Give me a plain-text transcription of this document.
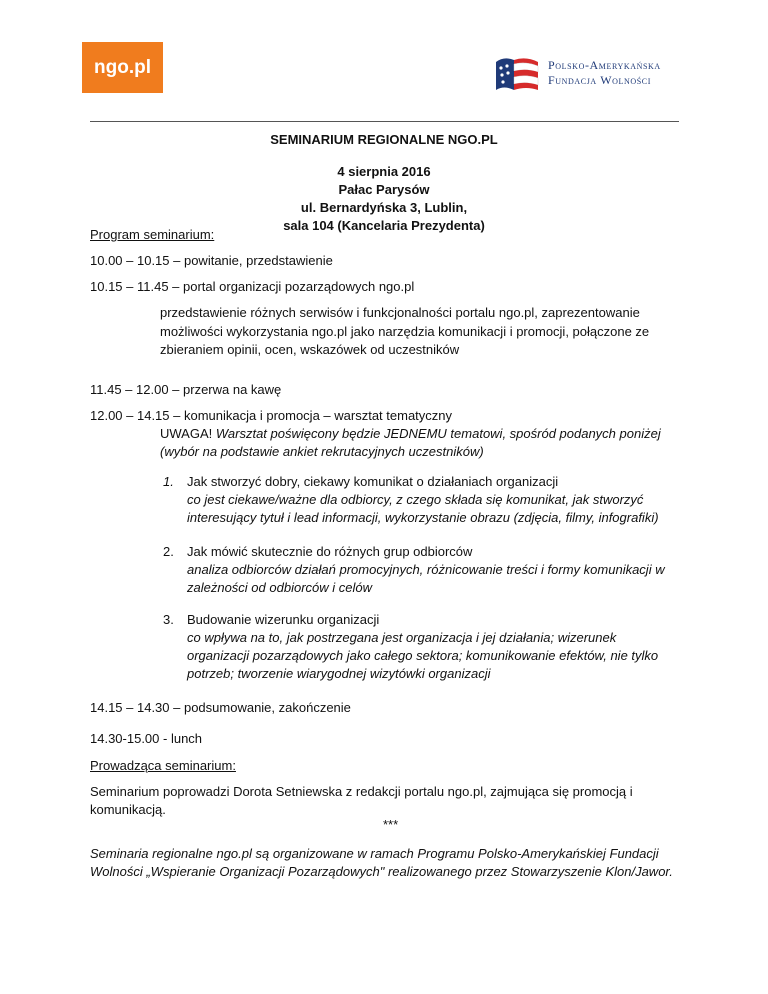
ngo.pl	Polsko-Amerykańska
Fundacja Wolności
SEMINARIUM REGIONALNE NGO.PL
4 sierpnia 2016
Pałac Parysów
ul. Bernardyńska 3, Lublin,
sala 104 (Kancelaria Prezydenta)
Program seminarium:
10.00 – 10.15 – powitanie, przedstawienie
10.15 – 11.45 – portal organizacji pozarządowych ngo.pl
przedstawienie różnych serwisów i funkcjonalności portalu ngo.pl, zaprezentowanie
możliwości wykorzystania ngo.pl jako narzędzia komunikacji i promocji, połączone ze
zbieraniem opinii, ocen, wskazówek od uczestników
11.45 – 12.00 – przerwa na kawę
12.00 – 14.15 – komunikacja i promocja – warsztat tematyczny
UWAGA! Warsztat poświęcony będzie JEDNEMU tematowi, spośród podanych poniżej
(wybór na podstawie ankiet rekrutacyjnych uczestników)
1. Jak stworzyć dobry, ciekawy komunikat o działaniach organizacji
co jest ciekawe/ważne dla odbiorcy, z czego składa się komunikat, jak stworzyć
interesujący tytuł i lead informacji, wykorzystanie obrazu (zdjęcia, filmy, infografiki)
2. Jak mówić skutecznie do różnych grup odbiorców
analiza odbiorców działań promocyjnych, różnicowanie treści i formy komunikacji w
zależności od odbiorców i celów
3. Budowanie wizerunku organizacji
co wpływa na to, jak postrzegana jest organizacja i jej działania; wizerunek
organizacji pozarządowych jako całego sektora; komunikowanie efektów, nie tylko
potrzeb; tworzenie wiarygodnej wizytówki organizacji
14.15 – 14.30 – podsumowanie, zakończenie
14.30-15.00 - lunch
Prowadząca seminarium:
Seminarium poprowadzi Dorota Setniewska z redakcji portalu ngo.pl, zajmująca się promocją i
komunikacją.
***
Seminaria regionalne ngo.pl są organizowane w ramach Programu Polsko-Amerykańskiej Fundacji
Wolności „Wspieranie Organizacji Pozarządowych" realizowanego przez Stowarzyszenie Klon/Jawor.
